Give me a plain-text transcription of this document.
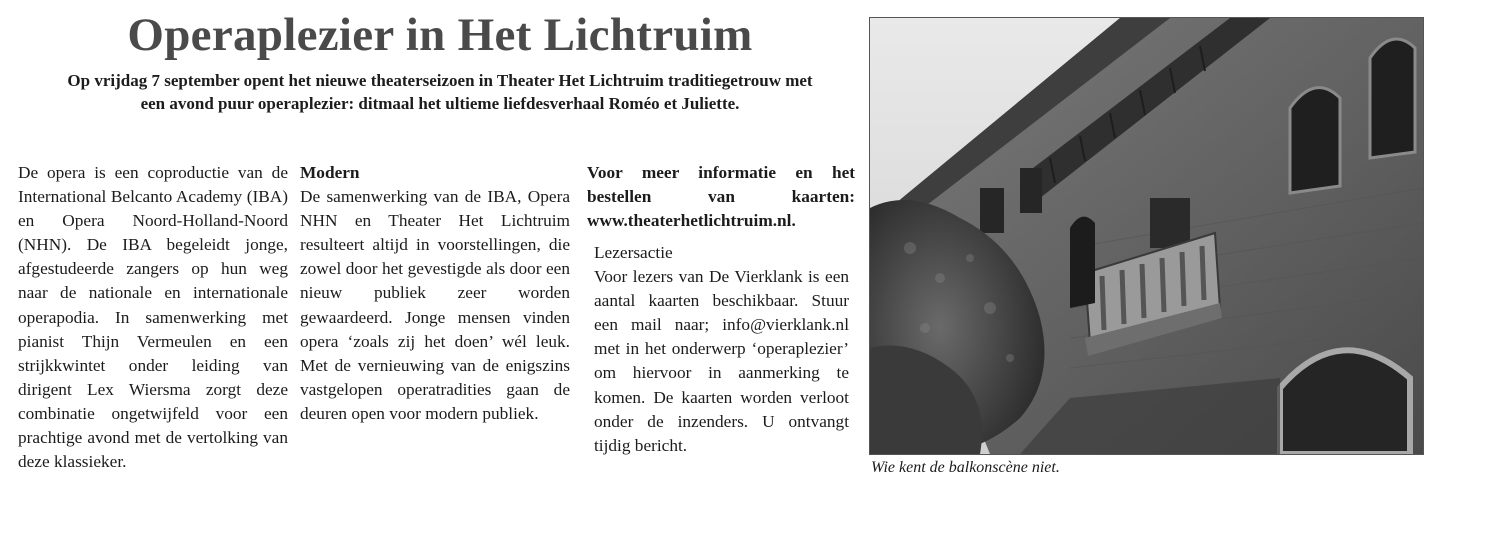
Operaplezier in Het Lichtruim

Op vrijdag 7 september opent het nieuwe theaterseizoen in Theater Het Lichtruim traditiegetrouw met een avond puur operaplezier: ditmaal het ultieme liefdesverhaal Roméo et Juliette.

De opera is een coproductie van de International Belcanto Academy (IBA) en Opera Noord-Holland-Noord (NHN). De IBA begeleidt jonge, afgestudeerde zangers op hun weg naar de nationale en internationale operapodia. In samenwerking met pianist Thijn Vermeulen en een strijkkwintet onder leiding van dirigent Lex Wiersma zorgt deze combinatie ongetwijfeld voor een prachtige avond met de vertolking van deze klassieker.

Modern

De samenwerking van de IBA, Opera NHN en Theater Het Lichtruim resulteert altijd in voorstellingen, die zowel door het gevestigde als door een nieuw publiek zeer worden gewaardeerd. Jonge mensen vinden opera ‘zoals zij het doen’ wél leuk. Met de vernieuwing van de enigszins vastgelopen operatradities gaan de deuren open voor modern publiek.

Voor meer informatie en het bestellen van kaarten: www.theaterhetlichtruim.nl.

Lezersactie

Voor lezers van De Vierklank is een aantal kaarten beschikbaar. Stuur een mail naar; info@vierklank.nl met in het onderwerp ‘operaplezier’ om hiervoor in aanmerking te komen. De kaarten worden verloot onder de inzenders. U ontvangt tijdig bericht.

Wie kent de balkonscène niet.
